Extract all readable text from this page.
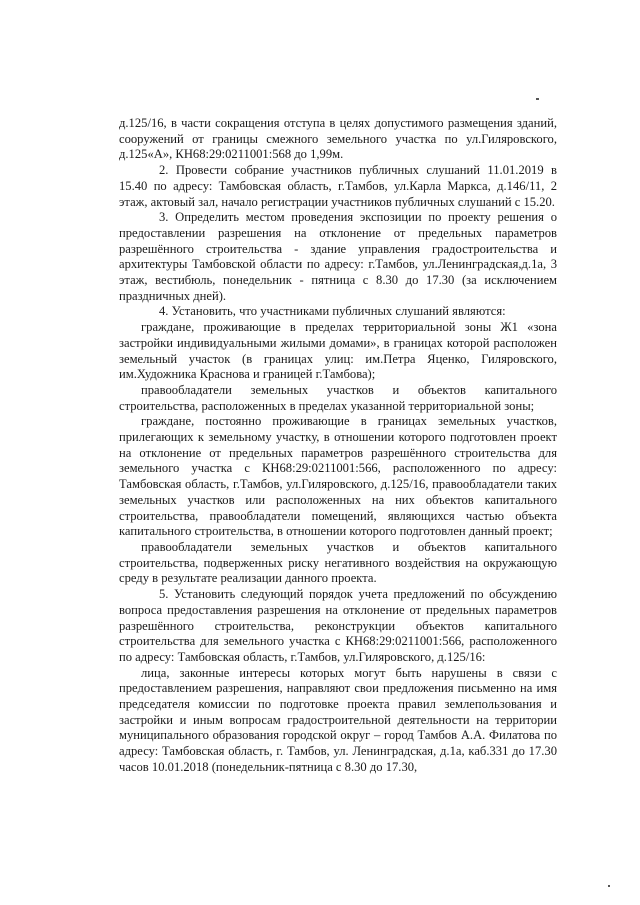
д.125/16, в части сокращения отступа в целях допустимого размещения зданий, сооружений от границы смежного земельного участка по ул.Гиляровского, д.125«А», КН68:29:0211001:568 до 1,99м.

2. Провести собрание участников публичных слушаний 11.01.2019 в 15.40 по адресу: Тамбовская область, г.Тамбов, ул.Карла Маркса, д.146/11, 2 этаж, актовый зал, начало регистрации участников публичных слушаний с 15.20.

3. Определить местом проведения экспозиции по проекту решения о предоставлении разрешения на отклонение от предельных параметров разрешённого строительства - здание управления градостроительства и архитектуры Тамбовской области по адресу: г.Тамбов, ул.Ленинградская,д.1а, 3 этаж, вестибюль, понедельник - пятница с 8.30 до 17.30 (за исключением праздничных дней).

4. Установить, что участниками публичных слушаний являются:

граждане, проживающие в пределах территориальной зоны Ж1 «зона застройки индивидуальными жилыми домами», в границах которой расположен земельный участок (в границах улиц: им.Петра Яценко, Гиляровского, им.Художника Краснова и границей г.Тамбова);

правообладатели земельных участков и объектов капитального строительства, расположенных в пределах указанной территориальной зоны;

граждане, постоянно проживающие в границах земельных участков, прилегающих к земельному участку, в отношении которого подготовлен проект на отклонение от предельных параметров разрешённого строительства для земельного участка с КН68:29:0211001:566, расположенного по адресу: Тамбовская область, г.Тамбов, ул.Гиляровского, д.125/16, правообладатели таких земельных участков или расположенных на них объектов капитального строительства, правообладатели помещений, являющихся частью объекта капитального строительства, в отношении которого подготовлен данный проект;

правообладатели земельных участков и объектов капитального строительства, подверженных риску негативного воздействия на окружающую среду в результате реализации данного проекта.

5. Установить следующий порядок учета предложений по обсуждению вопроса предоставления разрешения на отклонение от предельных параметров разрешённого строительства, реконструкции объектов капитального строительства для земельного участка с КН68:29:0211001:566, расположенного по адресу: Тамбовская область, г.Тамбов, ул.Гиляровского, д.125/16:

лица, законные интересы которых могут быть нарушены в связи с предоставлением разрешения, направляют свои предложения письменно на имя председателя комиссии по подготовке проекта правил землепользования и застройки и иным вопросам градостроительной деятельности на территории муниципального образования городской округ – город Тамбов А.А. Филатова по адресу: Тамбовская область, г. Тамбов, ул. Ленинградская, д.1а, каб.331 до 17.30 часов 10.01.2018 (понедельник-пятница с 8.30 до 17.30,
